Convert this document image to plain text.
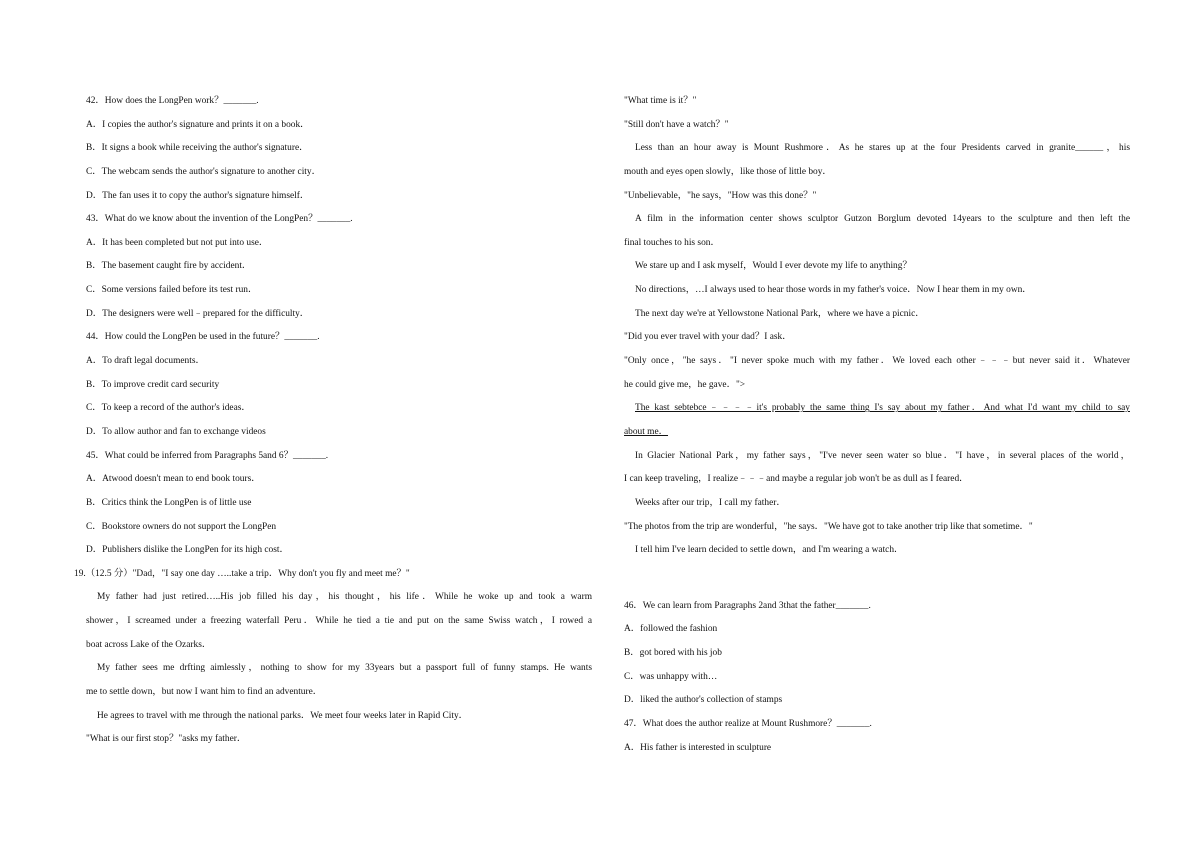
42．How does the LongPen work？_______.
A．I copies the author's signature and prints it on a book．
B．It signs a book while receiving the author's signature．
C．The webcam sends the author's signature to another city．
D．The fan uses it to copy the author's signature himself．
43．What do we know about the invention of the LongPen？_______.
A．It has been completed but not put into use．
B．The basement caught fire by accident．
C．Some versions failed before its test run．
D．The designers were well﹣prepared for the difficulty．
44．How could the LongPen be used in the future？_______.
A．To draft legal documents．
B．To improve credit card security
C．To keep a record of the author's ideas．
D．To allow author and fan to exchange videos
45．What could be inferred from Paragraphs 5and 6？_______.
A．Atwood doesn't mean to end book tours．
B．Critics think the LongPen is of little use
C．Bookstore owners do not support the LongPen
D．Publishers dislike the LongPen for its high cost．
19.（12.5 分）"Dad，"I say one day …..take a trip．Why don't you fly and meet me？"
My father had just retired…..His job filled his day，his thought，his life．While he woke up and took a warm
shower，I screamed under a freezing waterfall Peru．While he tied a tie and put on the same Swiss watch，I rowed a
boat across Lake of the Ozarks．
My father sees me drfting aimlessly，nothing to show for my 33years but a passport full of funny stamps. He wants
me to settle down，but now I want him to find an adventure．
He agrees to travel with me through the national parks．We meet four weeks later in Rapid City．
"What is our first stop？"asks my father．
"What time is it？"
"Still don't have a watch？"
Less than an hour away is Mount Rushmore．As he stares up at the four Presidents carved in granite______，his
mouth and eyes open slowly，like those of little boy．
"Unbelievable，"he says，"How was this done？"
A film in the information center shows sculptor Gutzon Borglum devoted 14years to the sculpture and then left the
final touches to his son．
We stare up and I ask myself，Would I ever devote my life to anything？
No directions，…I always used to hear those words in my father's voice．Now I hear them in my own．
The next day we're at Yellowstone National Park，where we have a picnic．
"Did you ever travel with your dad？I ask．
"Only once，"he says．"I never spoke much with my father．We loved each other﹣﹣﹣but never said it．Whatever
he could give me，he gave．">
The kast sebtebce﹣﹣﹣﹣it's probably the same thing I's say about my father．And what I'd want my child to say
about me．
In Glacier National Park，my father says，"I've never seen water so blue．"I have，in several places of the world，
I can keep traveling，I realize﹣﹣﹣and maybe a regular job won't be as dull as I feared．
Weeks after our trip，I call my father．
"The photos from the trip are wonderful，"he says．"We have got to take another trip like that sometime．"
I tell him I've learn decided to settle down，and I'm wearing a watch．
46．We can learn from Paragraphs 2and 3that the father_______.
A．followed the fashion
B．got bored with his job
C．was unhappy with…
D．liked the author's collection of stamps
47．What does the author realize at Mount Rushmore？_______.
A．His father is interested in sculpture
